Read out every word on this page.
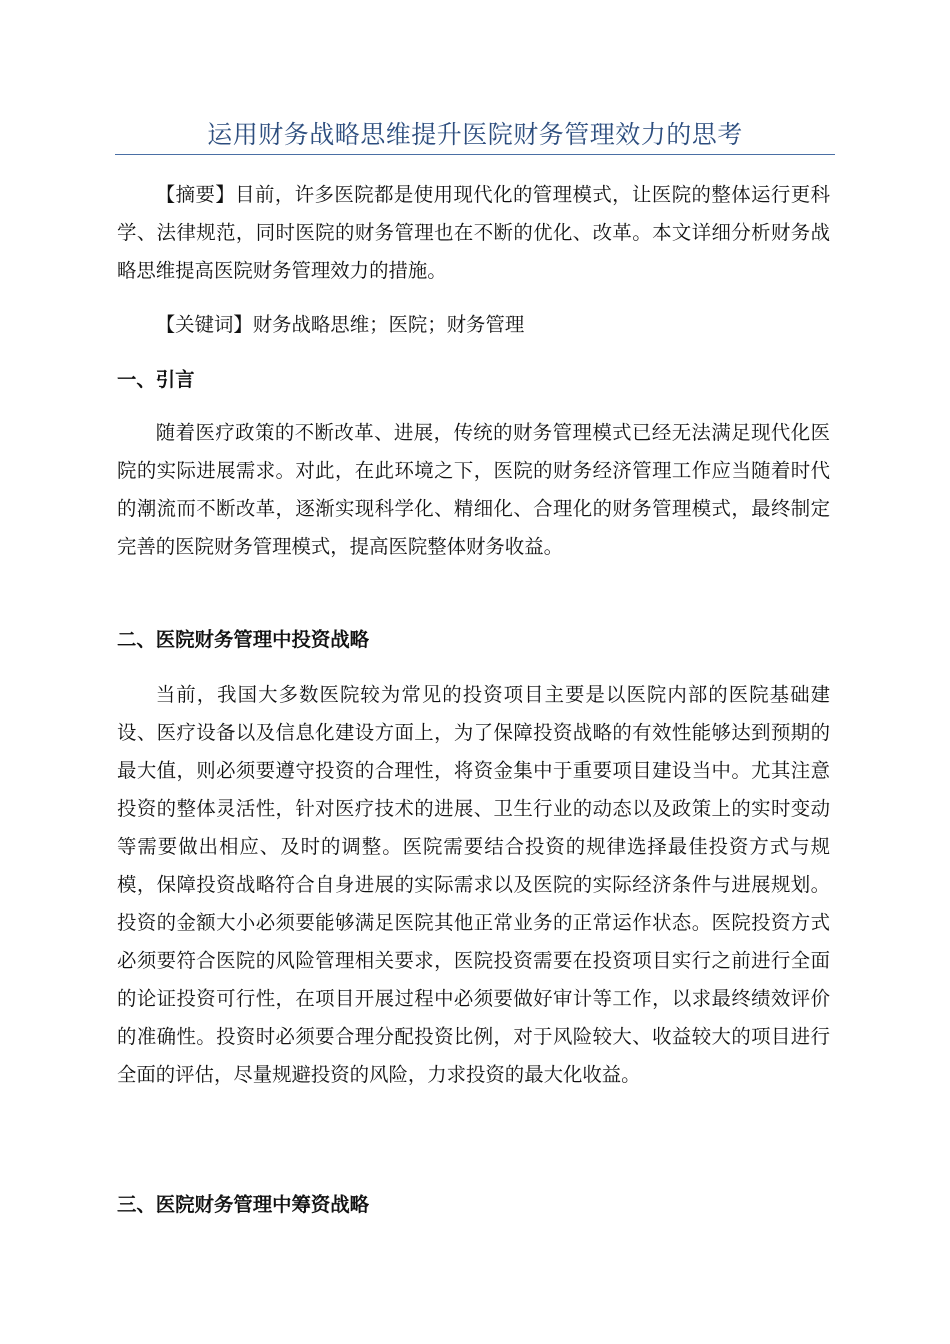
运用财务战略思维提升医院财务管理效力的思考

【摘要】目前，许多医院都是使用现代化的管理模式，让医院的整体运行更科学、法律规范，同时医院的财务管理也在不断的优化、改革。本文详细分析财务战略思维提高医院财务管理效力的措施。

【关键词】财务战略思维；医院；财务管理

一、引言

随着医疗政策的不断改革、进展，传统的财务管理模式已经无法满足现代化医院的实际进展需求。对此，在此环境之下，医院的财务经济管理工作应当随着时代的潮流而不断改革，逐渐实现科学化、精细化、合理化的财务管理模式，最终制定完善的医院财务管理模式，提高医院整体财务收益。

二、医院财务管理中投资战略

当前，我国大多数医院较为常见的投资项目主要是以医院内部的医院基础建设、医疗设备以及信息化建设方面上，为了保障投资战略的有效性能够达到预期的最大值，则必须要遵守投资的合理性，将资金集中于重要项目建设当中。尤其注意投资的整体灵活性，针对医疗技术的进展、卫生行业的动态以及政策上的实时变动等需要做出相应、及时的调整。医院需要结合投资的规律选择最佳投资方式与规模，保障投资战略符合自身进展的实际需求以及医院的实际经济条件与进展规划。投资的金额大小必须要能够满足医院其他正常业务的正常运作状态。医院投资方式必须要符合医院的风险管理相关要求，医院投资需要在投资项目实行之前进行全面的论证投资可行性，在项目开展过程中必须要做好审计等工作，以求最终绩效评价的准确性。投资时必须要合理分配投资比例，对于风险较大、收益较大的项目进行全面的评估，尽量规避投资的风险，力求投资的最大化收益。

三、医院财务管理中筹资战略
